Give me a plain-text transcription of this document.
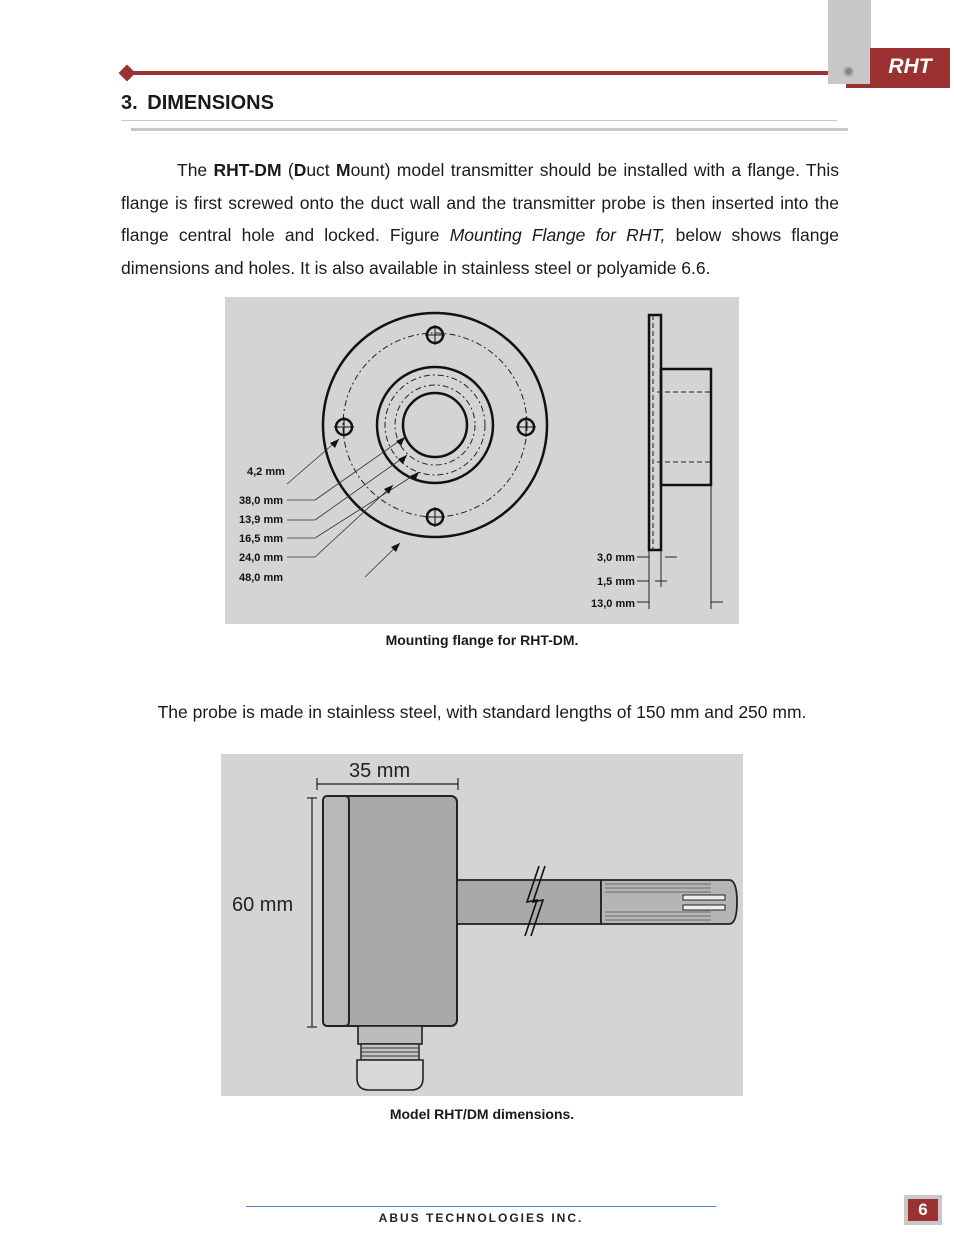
RHT
3. DIMENSIONS

The RHT-DM (Duct Mount) model transmitter should be installed with a flange. This flange is first screwed onto the duct wall and the transmitter probe is then inserted into the flange central hole and locked. Figure Mounting Flange for RHT, below shows flange dimensions and holes. It is also available in stainless steel or polyamide 6.6.

4,2 mm
38,0 mm
13,9 mm
16,5 mm
24,0 mm
48,0 mm
3,0 mm
1,5 mm
13,0 mm
Mounting flange for RHT-DM.

The probe is made in stainless steel, with standard lengths of 150 mm and 250 mm.

35 mm
60 mm
Model RHT/DM dimensions.
ABUS TECHNOLOGIES INC.	6
